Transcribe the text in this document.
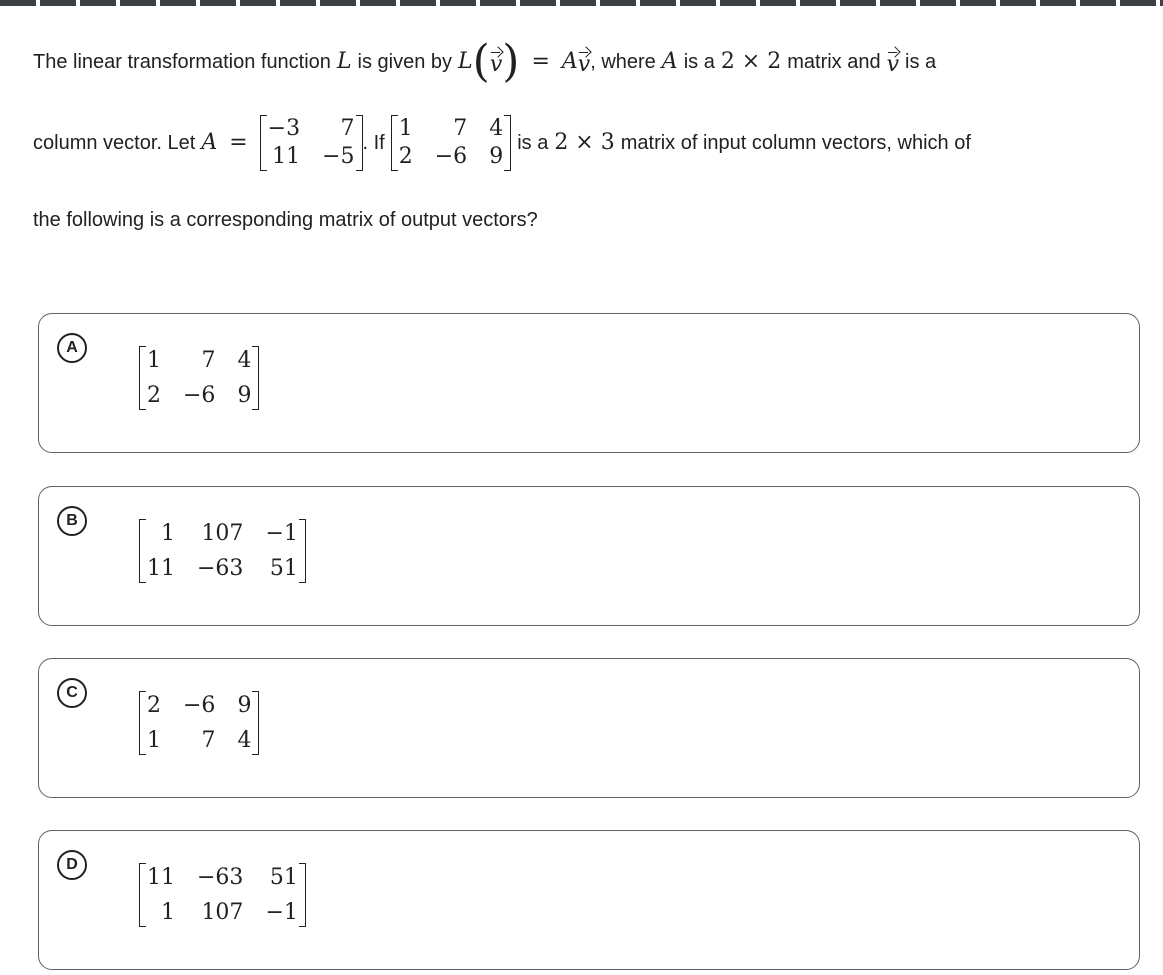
The linear transformation function L is given by L ( v ) = A v , where A is a 2 × 2 matrix and v is a
column vector. Let A =
−3	7
11 −5
. If
1	7 4
2 −6 9
is a 2 × 3 matrix of input column vectors, which of
the following is a corresponding matrix of output vectors?
A
1	7 4
2 −6 9
B
1 107 −1
11 −63 51
C
2 −6 9
1	7 4
D
11 −63 51
1 107 −1
